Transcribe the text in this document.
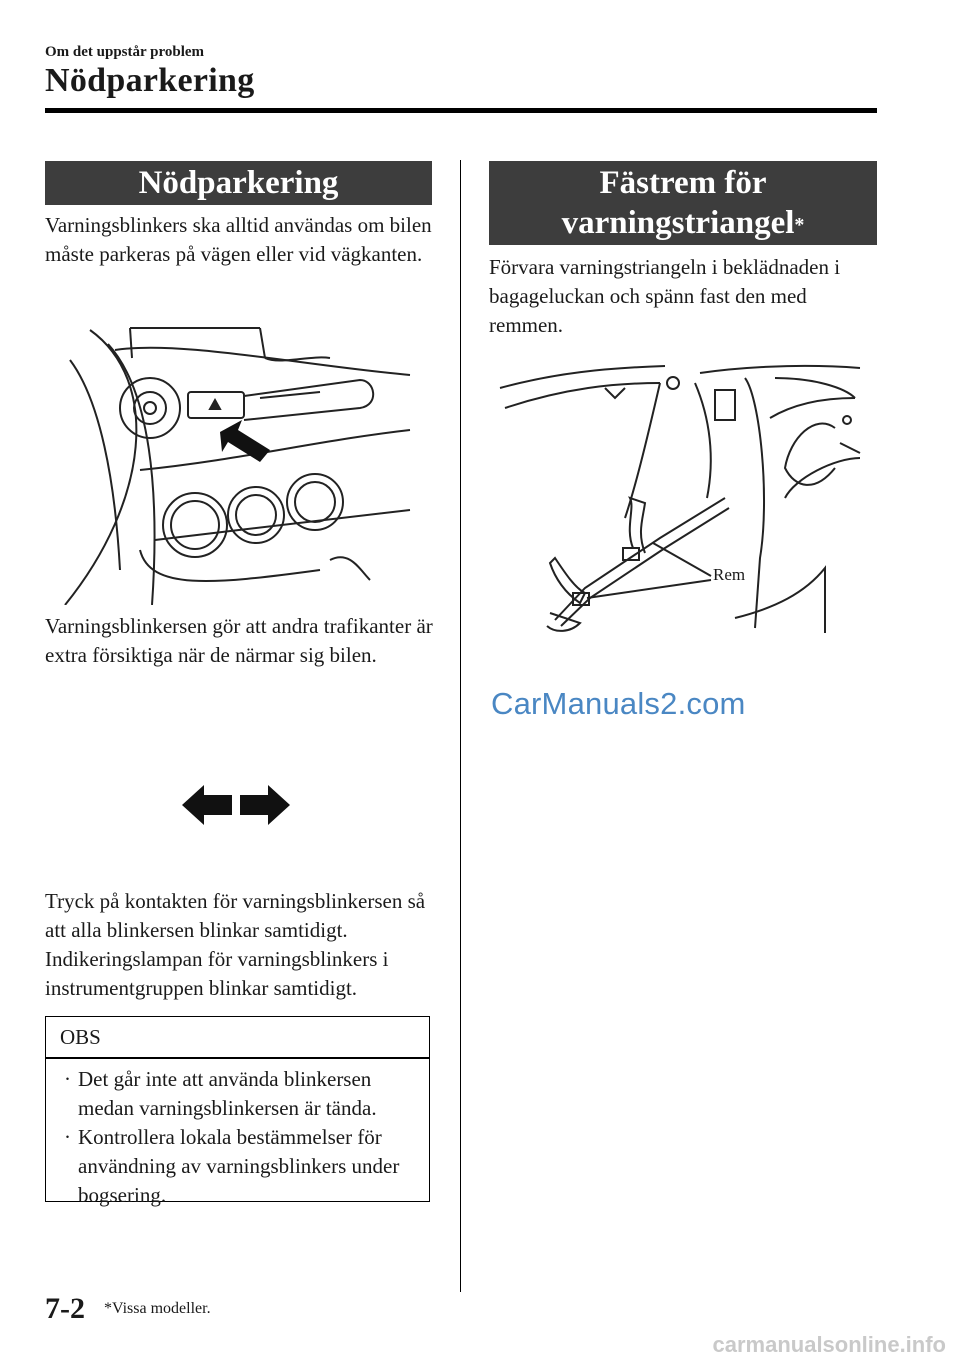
Om det uppstår problem
Nödparkering
Nödparkering
Varningsblinkers ska alltid användas om bilen måste parkeras på vägen eller vid vägkanten.
Varningsblinkersen gör att andra trafikanter är extra försiktiga när de närmar sig bilen.
Tryck på kontakten för varningsblinkersen så att alla blinkersen blinkar samtidigt. Indikeringslampan för varningsblinkers i instrumentgruppen blinkar samtidigt.
OBS
· Det går inte att använda blinkersen medan varningsblinkersen är tända.
· Kontrollera lokala bestämmelser för användning av varningsblinkers under bogsering.
Fästrem för varningstriangel*
Förvara varningstriangeln i beklädnaden i bagageluckan och spänn fast den med remmen.
Rem
CarManuals2.com
7-2 *Vissa modeller.
carmanualsonline.info
